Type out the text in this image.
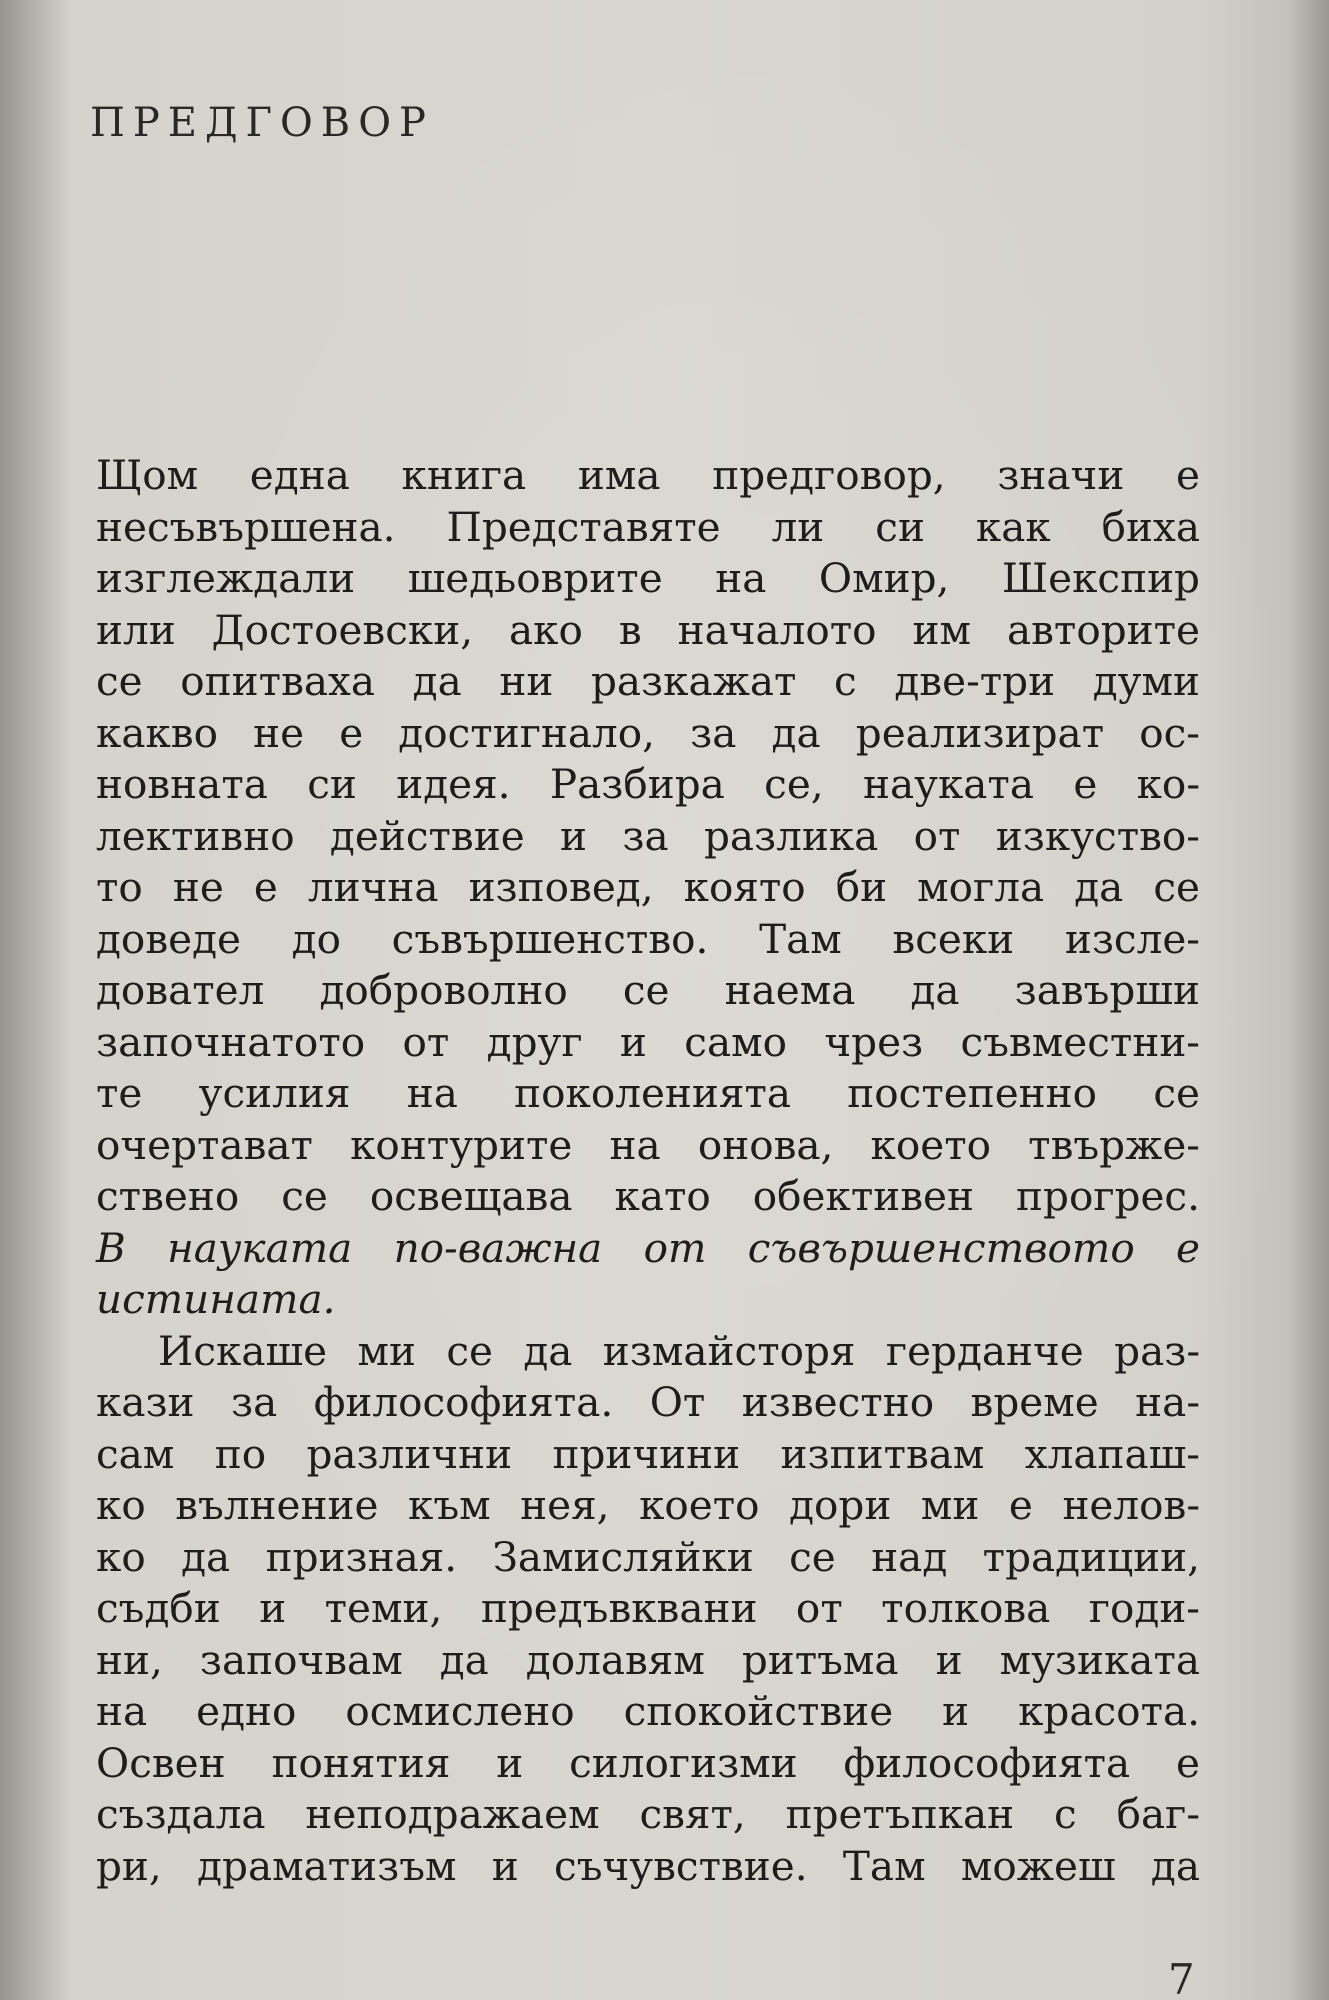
ПРЕДГОВОР

Щом една книга има предговор, значи е
несъвършена. Представяте ли си как биха
изглеждали шедьоврите на Омир, Шекспир
или Достоевски, ако в началото им авторите
се опитваха да ни разкажат с две-три думи
какво не е достигнало, за да реализират ос-
новната си идея. Разбира се, науката е ко-
лективно действие и за разлика от изкуство-
то не е лична изповед, която би могла да се
доведе до съвършенство. Там всеки изсле-
довател доброволно се наема да завърши
започнатото от друг и само чрез съвместни-
те усилия на поколенията постепенно се
очертават контурите на онова, което твърже-
ствено се освещава като обективен прогрес.
В науката по-важна от съвършенството е
истината.
Искаше ми се да измайсторя герданче раз-
кази за философията. От известно време на-
сам по различни причини изпитвам хлапаш-
ко вълнение към нея, което дори ми е нелов-
ко да призная. Замисляйки се над традиции,
съдби и теми, предъвквани от толкова годи-
ни, започвам да долавям ритъма и музиката
на едно осмислено спокойствие и красота.
Освен понятия и силогизми философията е
създала неподражаем свят, претъпкан с баг-
ри, драматизъм и съчувствие. Там можеш да
7
